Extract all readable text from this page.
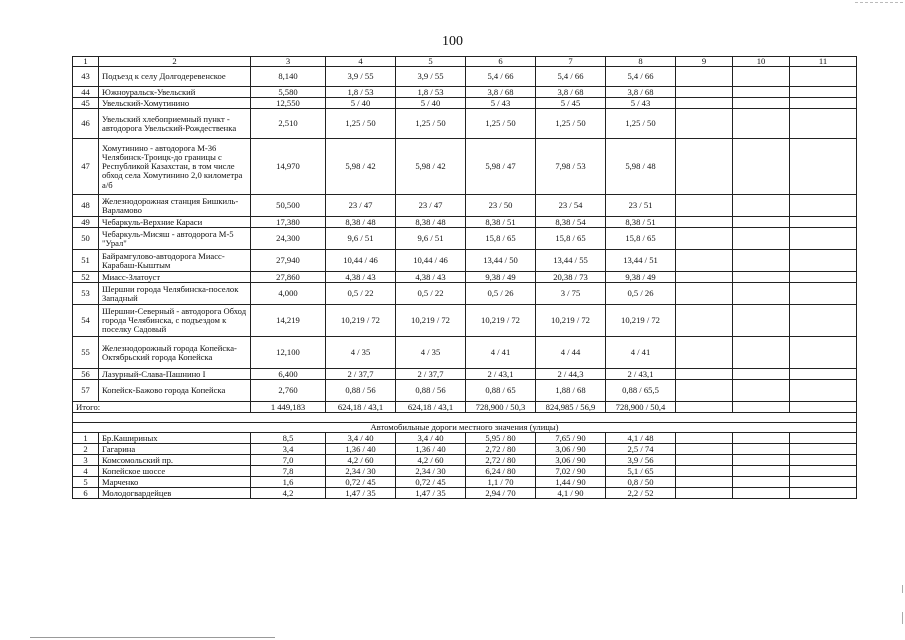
100
1	2	3	4	5	6	7	8	9	10	11
43	Подъезд к селу Долгодеревенское	8,140	3,9 / 55	3,9 / 55	5,4 / 66	5,4 / 66	5,4 / 66			
44	Южноуральск-Увельский	5,580	1,8 / 53	1,8 / 53	3,8 / 68	3,8 / 68	3,8 / 68			
45	Увельский-Хомутинино	12,550	5 / 40	5 / 40	5 / 43	5 / 45	5 / 43			
46	Увельский хлебоприемный пункт - автодорога Увельский-Рождественка	2,510	1,25 / 50	1,25 / 50	1,25 / 50	1,25 / 50	1,25 / 50			
47	Хомутинино - автодорога М-36 Челябинск-Троицк-до границы с Республикой Казахстан, в том числе обход села Хомутинино 2,0 километра а/б	14,970	5,98 / 42	5,98 / 42	5,98 / 47	7,98 / 53	5,98 / 48			
48	Железнодорожная станция Бишкиль-Варламово	50,500	23 / 47	23 / 47	23 / 50	23 / 54	23 / 51			
49	Чебаркуль-Верхние Караси	17,380	8,38 / 48	8,38 / 48	8,38 / 51	8,38 / 54	8,38 / 51			
50	Чебаркуль-Мисяш - автодорога М-5 "Урал"	24,300	9,6 / 51	9,6 / 51	15,8 / 65	15,8 / 65	15,8 / 65			
51	Байрамгулово-автодорога Миасс-Карабаш-Кыштым	27,940	10,44 / 46	10,44 / 46	13,44 / 50	13,44 / 55	13,44 / 51			
52	Миасс-Златоуст	27,860	4,38 / 43	4,38 / 43	9,38 / 49	20,38 / 73	9,38 / 49			
53	Шершни города Челябинска-поселок Западный	4,000	0,5 / 22	0,5 / 22	0,5 / 26	3 / 75	0,5 / 26			
54	Шершни-Северный - автодорога Обход города Челябинска, с подъездом к поселку Садовый	14,219	10,219 / 72	10,219 / 72	10,219 / 72	10,219 / 72	10,219 / 72			
55	Железнодорожный города Копейска-Октябрьский города Копейска	12,100	4 / 35	4 / 35	4 / 41	4 / 44	4 / 41			
56	Лазурный-Слава-Пашнино I	6,400	2 / 37,7	2 / 37,7	2 / 43,1	2 / 44,3	2 / 43,1			
57	Копейск-Бажово города Копейска	2,760	0,88 / 56	0,88 / 56	0,88 / 65	1,88 / 68	0,88 / 65,5			
Итого:		1 449,183	624,18 / 43,1	624,18 / 43,1	728,900 / 50,3	824,985 / 56,9	728,900 / 50,4			

Автомобильные дороги местного значения (улицы)										
1	Бр.Кашириных	8,5	3,4 / 40	3,4 / 40	5,95 / 80	7,65 / 90	4,1 / 48			
2	Гагарина	3,4	1,36 / 40	1,36 / 40	2,72 / 80	3,06 / 90	2,5 / 74			
3	Комсомольский пр.	7,0	4,2 / 60	4,2 / 60	2,72 / 80	3,06 / 90	3,9 / 56			
4	Копейское шоссе	7,8	2,34 / 30	2,34 / 30	6,24 / 80	7,02 / 90	5,1 / 65			
5	Марченко	1,6	0,72 / 45	0,72 / 45	1,1 / 70	1,44 / 90	0,8 / 50			
6	Молодогвардейцев	4,2	1,47 / 35	1,47 / 35	2,94 / 70	4,1 / 90	2,2 / 52			
